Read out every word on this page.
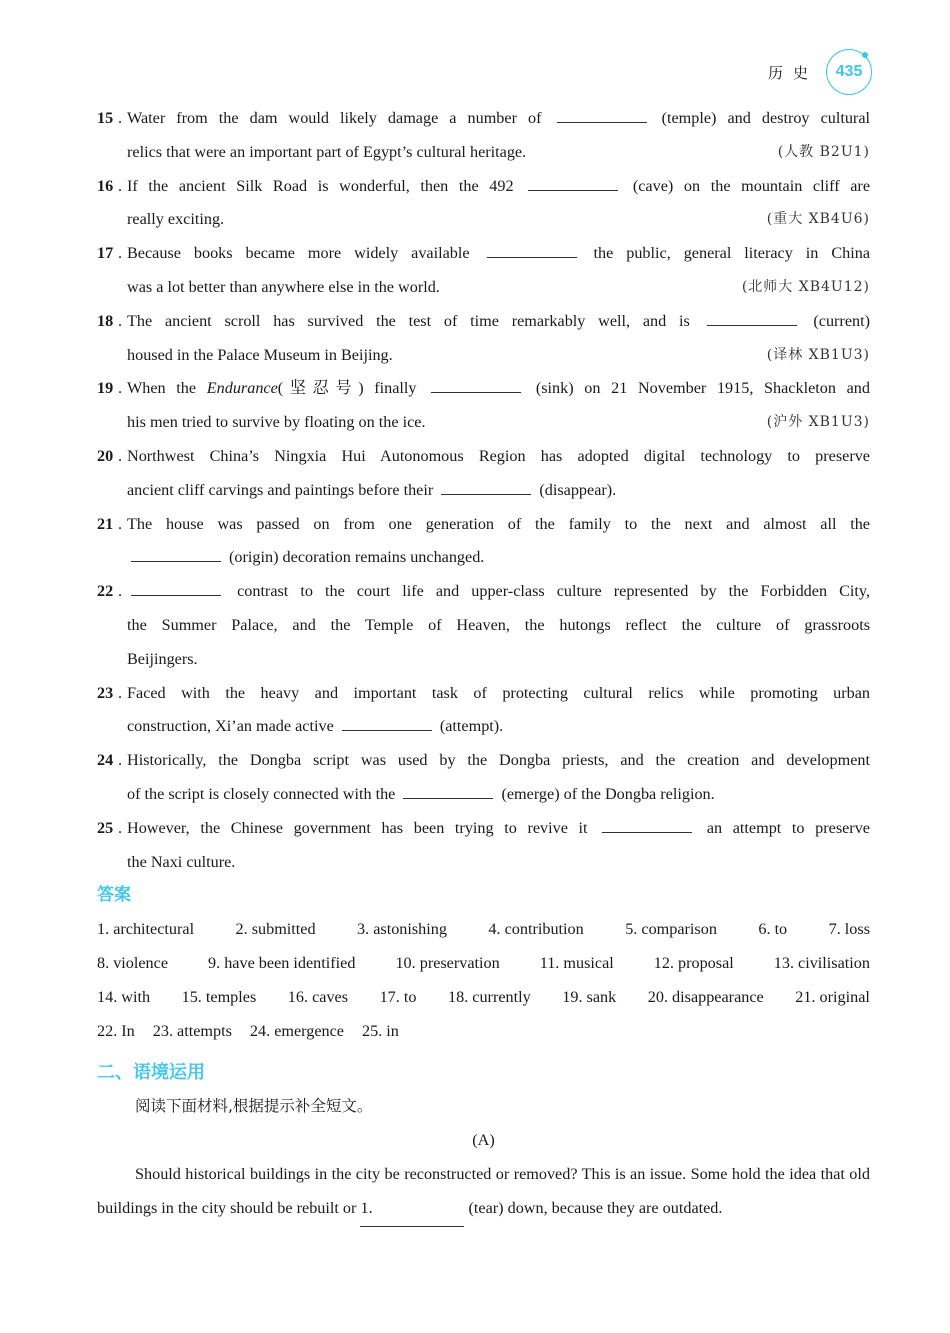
历史 435
15 . Water from the dam would likely damage a number of	(temple) and destroy cultural
relics that were an important part of Egypt’s cultural heritage.	(人教 B2U1)
16 . If the ancient Silk Road is wonderful, then the 492	(cave) on the mountain cliff are
really exciting.	(重大 XB4U6)
17 . Because books became more widely available	the public, general literacy in China
was a lot better than anywhere else in the world.	(北师大 XB4U12)
18 . The ancient scroll has survived the test of time remarkably well, and is	(current)
housed in the Palace Museum in Beijing.	(译林 XB1U3)
19 . When the Endurance(坚忍号) finally	(sink) on 21 November 1915, Shackleton and
his men tried to survive by floating on the ice.	(沪外 XB1U3)
20 . Northwest China’s Ningxia Hui Autonomous Region has adopted digital technology to preserve
ancient cliff carvings and paintings before their	(disappear).
21 . The house was passed on from one generation of the family to the next and almost all the
(origin) decoration remains unchanged.
22 .	contrast to the court life and upper-class culture represented by the Forbidden City,
the Summer Palace, and the Temple of Heaven, the hutongs reflect the culture of grassroots
Beijingers.
23 . Faced with the heavy and important task of protecting cultural relics while promoting urban
construction, Xi’an made active	(attempt).
24 . Historically, the Dongba script was used by the Dongba priests, and the creation and development
of the script is closely connected with the	(emerge) of the Dongba religion.
25 . However, the Chinese government has been trying to revive it	an attempt to preserve
the Naxi culture.
答案
1. architectural	2. submitted	3. astonishing	4. contribution	5. comparison	6. to	7. loss
8. violence 9. have been identified 10. preservation 11. musical 12. proposal 13. civilisation
14. with 15. temples 16. caves 17. to 18. currently 19. sank 20. disappearance 21. original
22. In 23. attempts 24. emergence 25. in
二、语境运用
阅读下面材料,根据提示补全短文。
(A)
Should historical buildings in the city be reconstructed or removed? This is an issue. Some hold the idea that old buildings in the city should be rebuilt or 1.	(tear) down, because they are outdated.
